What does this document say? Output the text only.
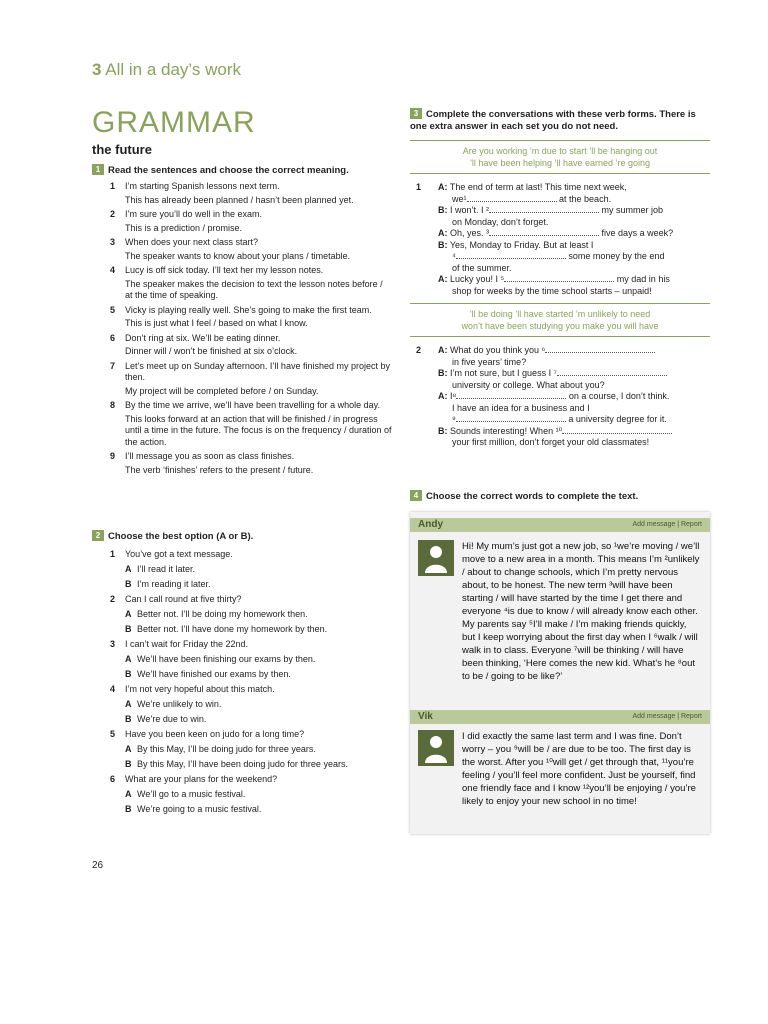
3 All in a day’s work
GRAMMAR
the future
1 Read the sentences and choose the correct meaning.
1	I’m starting Spanish lessons next term.
This has already been planned / hasn’t been planned yet.
2	I’m sure you’ll do well in the exam.
This is a prediction / promise.
3	When does your next class start?
The speaker wants to know about your plans / timetable.
4	Lucy is off sick today. I’ll text her my lesson notes.
The speaker makes the decision to text the lesson notes before / at the time of speaking.
5	Vicky is playing really well. She’s going to make the first team.
This is just what I feel / based on what I know.
6	Don’t ring at six. We’ll be eating dinner.
Dinner will / won’t be finished at six o’clock.
7	Let’s meet up on Sunday afternoon. I’ll have finished my project by then.
My project will be completed before / on Sunday.
8	By the time we arrive, we’ll have been travelling for a whole day.
This looks forward at an action that will be finished / in progress until a time in the future. The focus is on the frequency / duration of the action.
9	I’ll message you as soon as class finishes.
The verb ‘finishes’ refers to the present / future.
2 Choose the best option (A or B).
1	You’ve got a text message.
A I’ll read it later.
B I’m reading it later.
2	Can I call round at five thirty?
A Better not. I’ll be doing my homework then.
B Better not. I’ll have done my homework by then.
3	I can’t wait for Friday the 22nd.
A We’ll have been finishing our exams by then.
B We’ll have finished our exams by then.
4	I’m not very hopeful about this match.
A We’re unlikely to win.
B We’re due to win.
5	Have you been keen on judo for a long time?
A By this May, I’ll be doing judo for three years.
B By this May, I’ll have been doing judo for three years.
6	What are your plans for the weekend?
A We’ll go to a music festival.
B We’re going to a music festival.
3 Complete the conversations with these verb forms. There is one extra answer in each set you do not need.
Are you working ’m due to start ’ll be hanging out
’ll have been helping ’ll have earned ’re going
1 A: The end of term at last! This time next week,
we¹	at the beach.
B: I won’t. I ²	my summer job
on Monday, don’t forget.
A: Oh, yes. ³	five days a week?
B: Yes, Monday to Friday. But at least I
⁴	some money by the end
of the summer.
A: Lucky you! I ⁵	my dad in his
shop for weeks by the time school starts – unpaid!
’ll be doing ’ll have started ’m unlikely to need
won’t have been studying you make you will have
2 A: What do you think you ⁶
in five years’ time?
B: I’m not sure, but I guess I ⁷
university or college. What about you?
A: I⁸	on a course, I don’t think.
I have an idea for a business and I
⁹	a university degree for it.
B: Sounds interesting! When ¹⁰
your first million, don’t forget your old classmates!
4 Choose the correct words to complete the text.
Andy	Add message | Report
Hi! My mum’s just got a new job, so ¹we’re moving / we’ll move to a new area in a month. This means I’m ²unlikely / about to change schools, which I’m pretty nervous about, to be honest. The new term ³will have been starting / will have started by the time I get there and everyone ⁴is due to know / will already know each other. My parents say ⁵I’ll make / I’m making friends quickly, but I keep worrying about the first day when I ⁶walk / will walk in to class. Everyone ⁷will be thinking / will have been thinking, ‘Here comes the new kid. What’s he ⁸out to be / going to be like?’
Vik	Add message | Report
I did exactly the same last term and I was fine. Don’t worry – you ⁹will be / are due to be too. The first day is the worst. After you ¹⁰will get / get through that, ¹¹you’re feeling / you’ll feel more confident. Just be yourself, find one friendly face and I know ¹²you’ll be enjoying / you’re likely to enjoy your new school in no time!
26
